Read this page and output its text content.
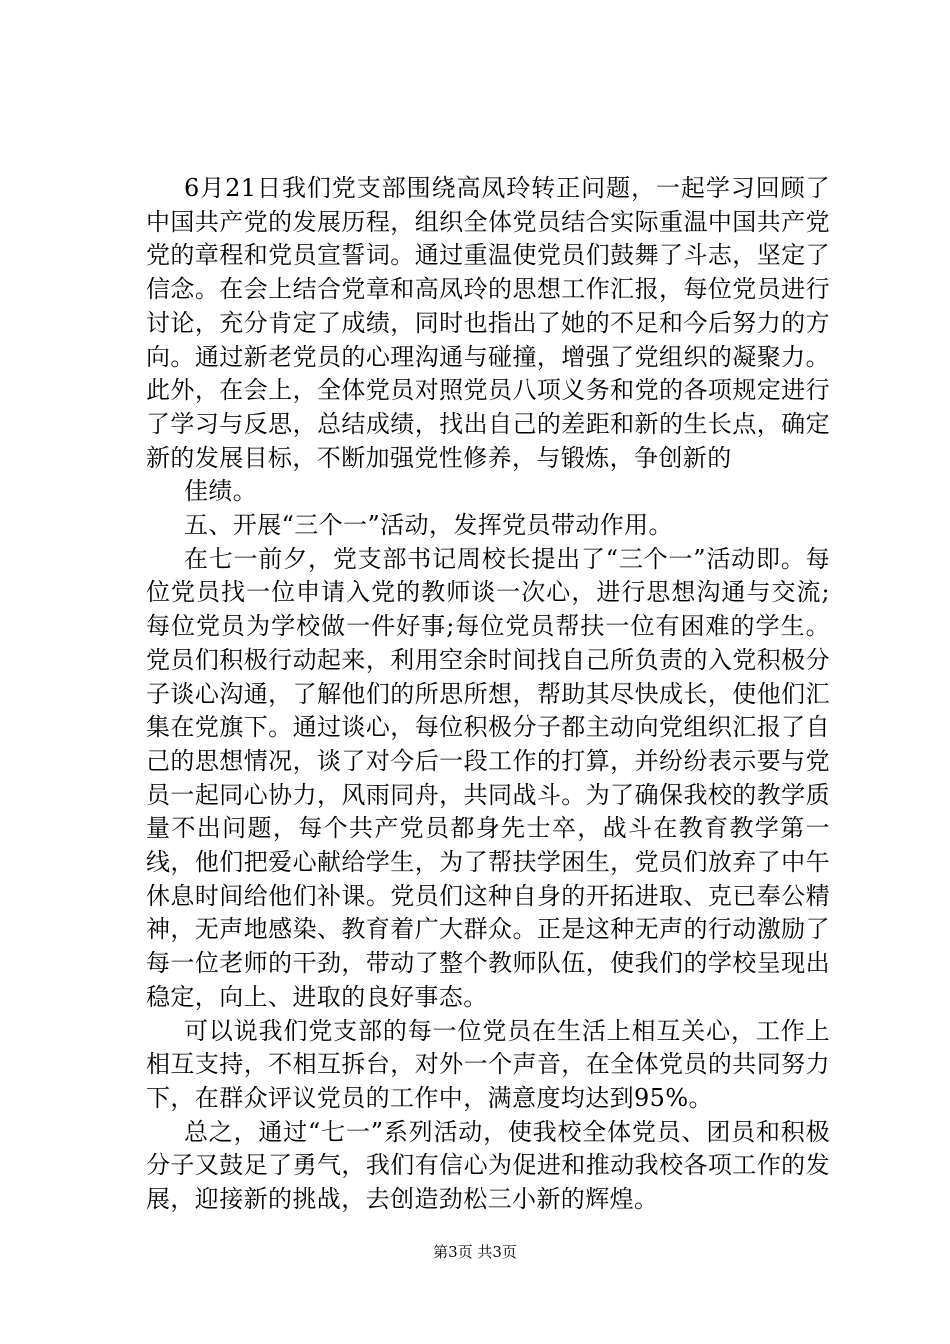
6月21日我们党支部围绕高凤玲转正问题，一起学习回顾了中国共产党的发展历程，组织全体党员结合实际重温中国共产党党的章程和党员宣誓词。通过重温使党员们鼓舞了斗志，坚定了信念。在会上结合党章和高凤玲的思想工作汇报，每位党员进行讨论，充分肯定了成绩，同时也指出了她的不足和今后努力的方向。通过新老党员的心理沟通与碰撞，增强了党组织的凝聚力。此外，在会上，全体党员对照党员八项义务和党的各项规定进行了学习与反思，总结成绩，找出自己的差距和新的生长点，确定新的发展目标，不断加强党性修养，与锻炼，争创新的

佳绩。

五、开展“三个一”活动，发挥党员带动作用。

在七一前夕，党支部书记周校长提出了“三个一”活动即。每位党员找一位申请入党的教师谈一次心，进行思想沟通与交流;每位党员为学校做一件好事;每位党员帮扶一位有困难的学生。党员们积极行动起来，利用空余时间找自己所负责的入党积极分子谈心沟通，了解他们的所思所想，帮助其尽快成长，使他们汇集在党旗下。通过谈心，每位积极分子都主动向党组织汇报了自己的思想情况，谈了对今后一段工作的打算，并纷纷表示要与党员一起同心协力，风雨同舟，共同战斗。为了确保我校的教学质量不出问题，每个共产党员都身先士卒，战斗在教育教学第一线，他们把爱心献给学生，为了帮扶学困生，党员们放弃了中午休息时间给他们补课。党员们这种自身的开拓进取、克已奉公精神，无声地感染、教育着广大群众。正是这种无声的行动激励了每一位老师的干劲，带动了整个教师队伍，使我们的学校呈现出稳定，向上、进取的良好事态。

可以说我们党支部的每一位党员在生活上相互关心，工作上相互支持，不相互拆台，对外一个声音，在全体党员的共同努力下，在群众评议党员的工作中，满意度均达到95%。

总之，通过“七一”系列活动，使我校全体党员、团员和积极分子又鼓足了勇气，我们有信心为促进和推动我校各项工作的发展，迎接新的挑战，去创造劲松三小新的辉煌。

第3页 共3页
